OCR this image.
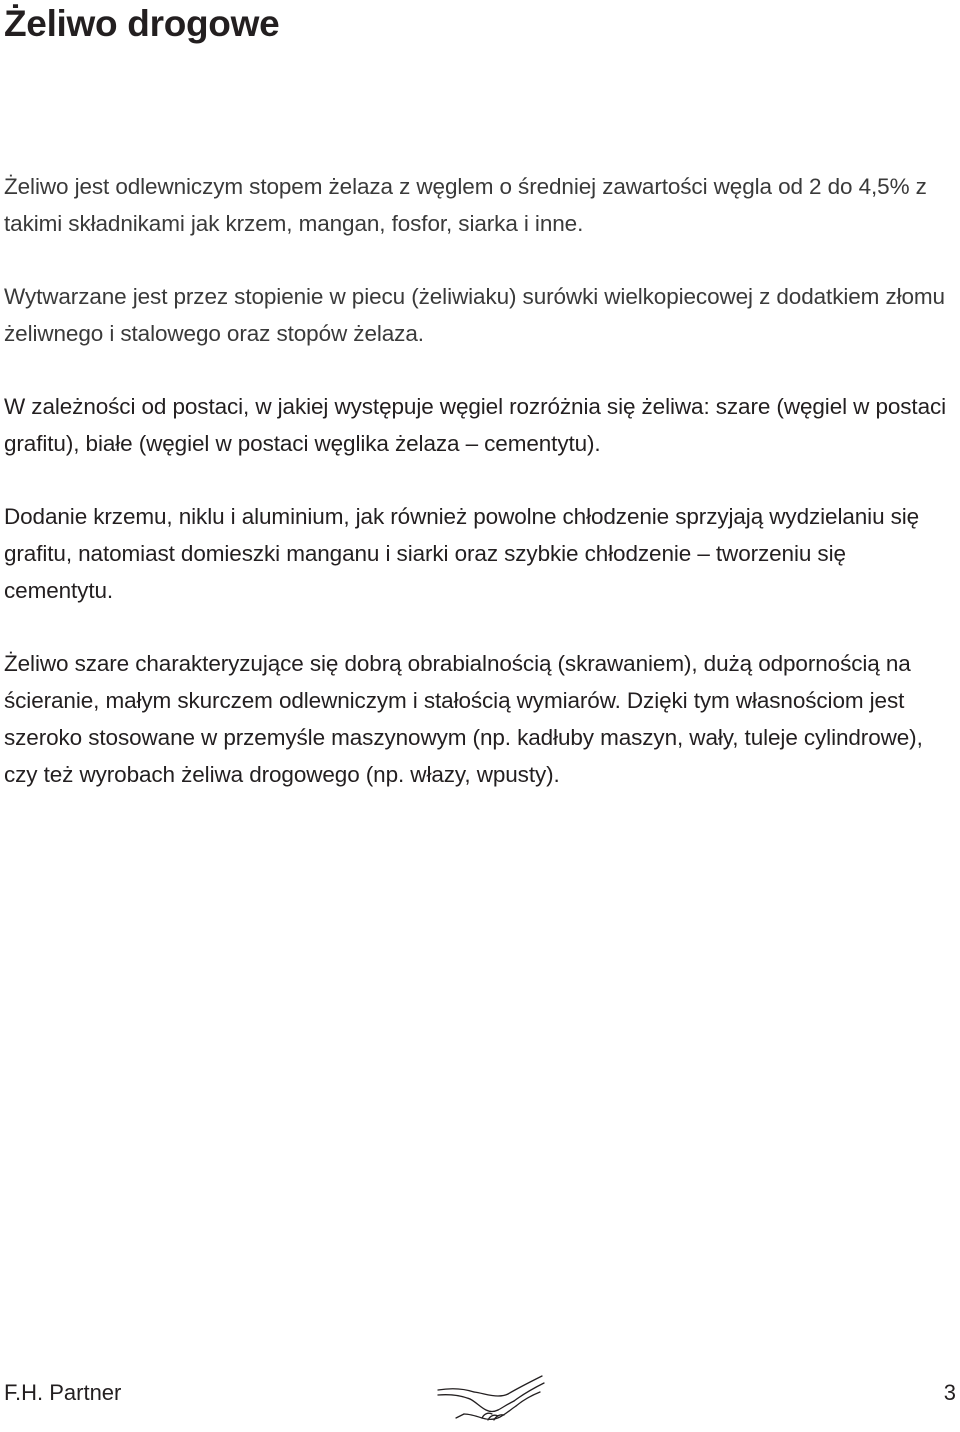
Żeliwo drogowe

Żeliwo jest odlewniczym stopem żelaza z węglem o średniej zawartości węgla od 2 do 4,5% z takimi składnikami jak krzem, mangan, fosfor, siarka i inne.

Wytwarzane jest przez stopienie w piecu (żeliwiaku) surówki wielkopiecowej z dodatkiem złomu żeliwnego i stalowego oraz stopów żelaza.

W zależności od postaci, w jakiej występuje węgiel rozróżnia się żeliwa: szare (węgiel w postaci grafitu), białe (węgiel w postaci węglika żelaza – cementytu).

Dodanie krzemu, niklu i aluminium, jak również powolne chłodzenie sprzyjają wydzielaniu się grafitu, natomiast domieszki manganu i siarki oraz szybkie chłodzenie – tworzeniu się cementytu.

Żeliwo szare charakteryzujące się dobrą obrabialnością (skrawaniem), dużą odpornością na ścieranie, małym skurczem odlewniczym i stałością wymiarów. Dzięki tym własnościom jest szeroko stosowane w przemyśle maszynowym (np. kadłuby maszyn, wały, tuleje cylindrowe), czy też wyrobach żeliwa drogowego (np. włazy, wpusty).

F.H. Partner	3
